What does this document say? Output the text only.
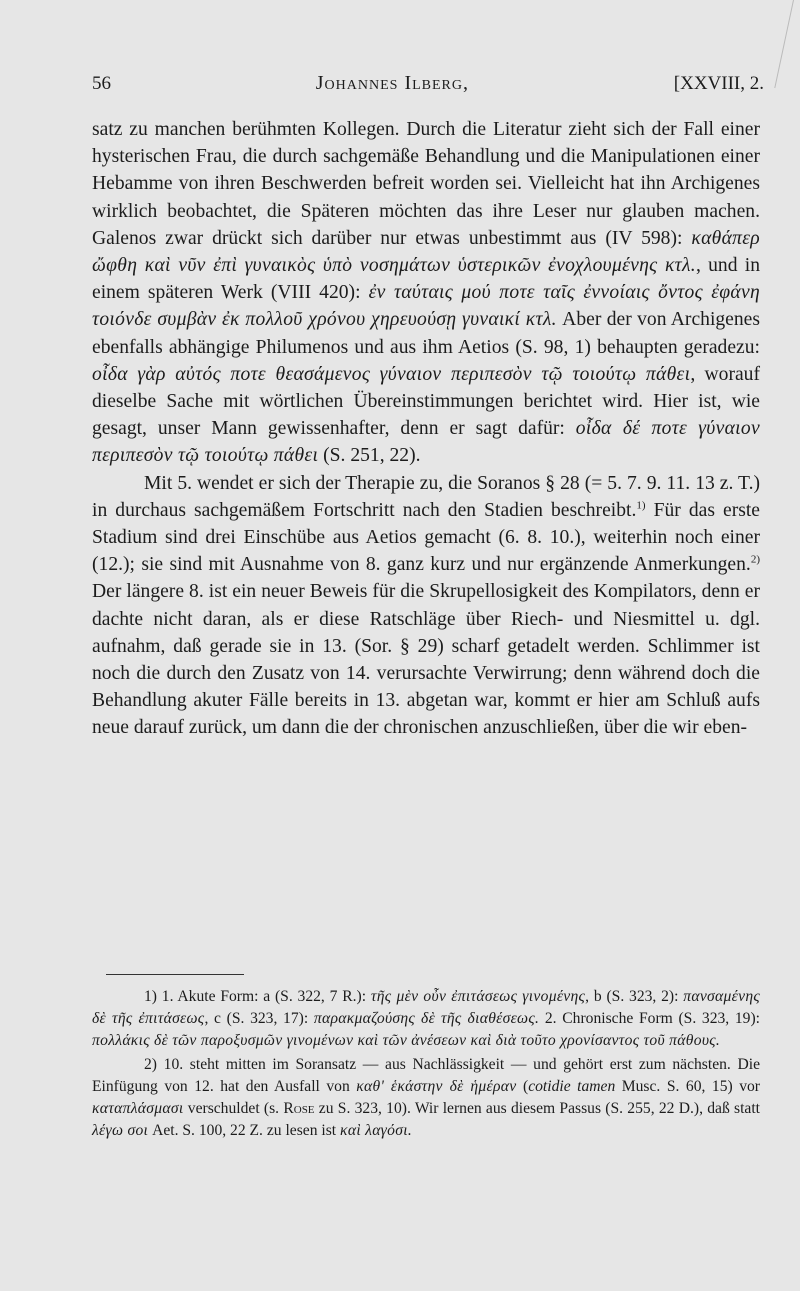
56	Johannes Ilberg,	[XXVIII, 2.

satz zu manchen berühmten Kollegen. Durch die Literatur zieht sich der Fall einer hysterischen Frau, die durch sachgemäße Behandlung und die Manipulationen einer Hebamme von ihren Beschwerden befreit worden sei. Vielleicht hat ihn Archigenes wirklich beobachtet, die Späteren möchten das ihre Leser nur glauben machen. Galenos zwar drückt sich darüber nur etwas unbestimmt aus (IV 598): καθάπερ ὤφθη καὶ νῦν ἐπὶ γυναικὸς ὑπὸ νοσημάτων ὑστερικῶν ἐνοχλουμένης κτλ., und in einem späteren Werk (VIII 420): ἐν ταύταις μού ποτε ταῖς ἐννοίαις ὄντος ἐφάνη τοιόνδε συμβὰν ἐκ πολλοῦ χρόνου χηρευούσῃ γυναικί κτλ. Aber der von Archigenes ebenfalls abhängige Philumenos und aus ihm Aetios (S. 98, 1) behaupten geradezu: οἶδα γὰρ αὐτός ποτε θεασάμενος γύναιον περιπεσὸν τῷ τοιούτῳ πάθει, worauf dieselbe Sache mit wörtlichen Übereinstimmungen berichtet wird. Hier ist, wie gesagt, unser Mann gewissenhafter, denn er sagt dafür: οἶδα δέ ποτε γύναιον περιπεσὸν τῷ τοιούτῳ πάθει (S. 251, 22).

Mit 5. wendet er sich der Therapie zu, die Soranos § 28 (= 5. 7. 9. 11. 13 z. T.) in durchaus sachgemäßem Fortschritt nach den Stadien beschreibt.$^{1)}$ Für das erste Stadium sind drei Einschübe aus Aetios gemacht (6. 8. 10.), weiterhin noch einer (12.); sie sind mit Ausnahme von 8. ganz kurz und nur ergänzende Anmerkungen.$^{2)}$ Der längere 8. ist ein neuer Beweis für die Skrupellosigkeit des Kompilators, denn er dachte nicht daran, als er diese Ratschläge über Riech- und Niesmittel u. dgl. aufnahm, daß gerade sie in 13. (Sor. § 29) scharf getadelt werden. Schlimmer ist noch die durch den Zusatz von 14. verursachte Verwirrung; denn während doch die Behandlung akuter Fälle bereits in 13. abgetan war, kommt er hier am Schluß aufs neue darauf zurück, um dann die der chronischen anzuschließen, über die wir eben-

1) 1. Akute Form: a (S. 322, 7 R.): τῆς μὲν οὖν ἐπιτάσεως γινομένης, b (S. 323, 2): πανσαμένης δὲ τῆς ἐπιτάσεως, c (S. 323, 17): παρακμαζούσης δὲ τῆς διαθέσεως. 2. Chronische Form (S. 323, 19): πολλάκις δὲ τῶν παροξυσμῶν γινομένων καὶ τῶν ἀνέσεων καὶ διὰ τοῦτο χρονίσαντος τοῦ πάθους.

2) 10. steht mitten im Soransatz — aus Nachlässigkeit — und gehört erst zum nächsten. Die Einfügung von 12. hat den Ausfall von καθ' ἑκάστην δὲ ἡμέραν (cotidie tamen Musc. S. 60, 15) vor καταπλάσμασι verschuldet (s. Rose zu S. 323, 10). Wir lernen aus diesem Passus (S. 255, 22 D.), daß statt λέγω σοι Aet. S. 100, 22 Z. zu lesen ist καὶ λαγόσι.
